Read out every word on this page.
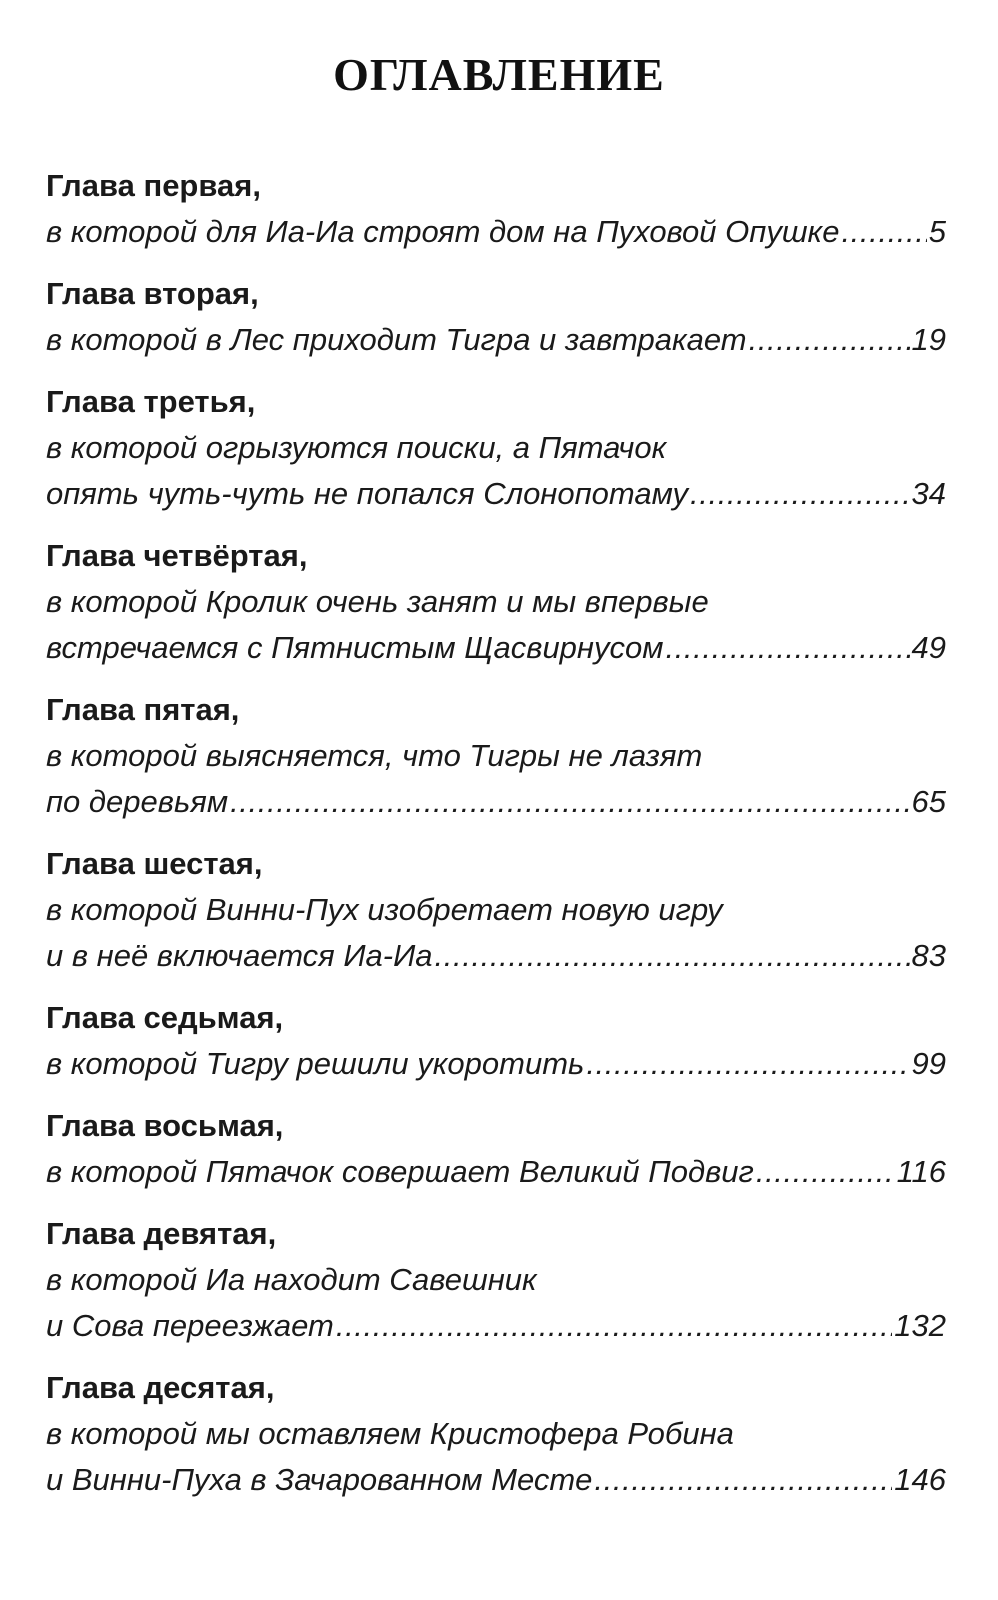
ОГЛАВЛЕНИЕ
Глава первая,
в которой для Иа-Иа строят дом на Пуховой Опушке . . .	5
Глава вторая,
в которой в Лес приходит Тигра и завтракает . . .	19
Глава третья,
в которой огрызуются поиски, а Пятачок
опять чуть-чуть не попался Слонопотаму . . .	34
Глава четвёртая,
в которой Кролик очень занят и мы впервые
встречаемся с Пятнистым Щасвирнусом . . .	49
Глава пятая,
в которой выясняется, что Тигры не лазят
по деревьям . . .	65
Глава шестая,
в которой Винни-Пух изобретает новую игру
и в неё включается Иа-Иа . . .	83
Глава седьмая,
в которой Тигру решили укоротить . . .	99
Глава восьмая,
в которой Пятачок совершает Великий Подвиг . . .	116
Глава девятая,
в которой Иа находит Савешник
и Сова переезжает . . .	132
Глава десятая,
в которой мы оставляем Кристофера Робина
и Винни-Пуха в Зачарованном Месте . . .	146
